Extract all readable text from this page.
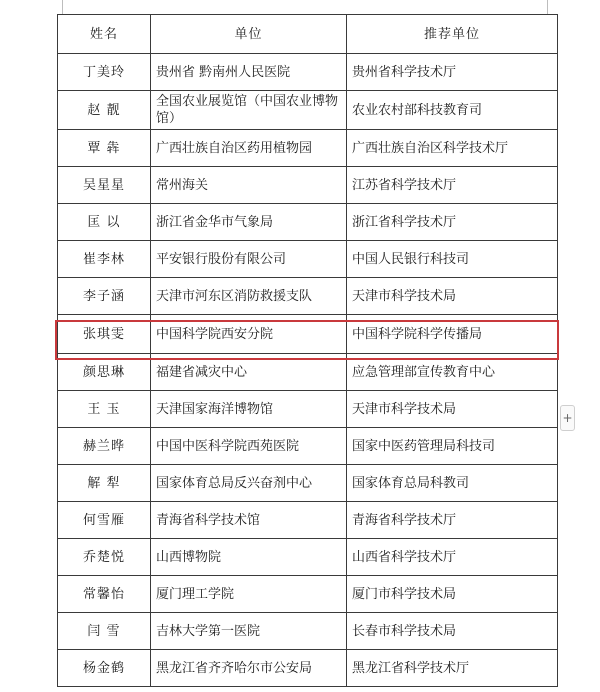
姓名	单位	推荐单位
丁美玲	贵州省 黔南州人民医院	贵州省科学技术厅
赵 靓	全国农业展览馆（中国农业博物馆）	农业农村部科技教育司
覃 犇	广西壮族自治区药用植物园	广西壮族自治区科学技术厅
吴星星	常州海关	江苏省科学技术厅
匡 以	浙江省金华市气象局	浙江省科学技术厅
崔李林	平安银行股份有限公司	中国人民银行科技司
李子涵	天津市河东区消防救援支队	天津市科学技术局
张琪雯	中国科学院西安分院	中国科学院科学传播局
颜思琳	福建省减灾中心	应急管理部宣传教育中心
王 玉	天津国家海洋博物馆	天津市科学技术局
赫兰晔	中国中医科学院西苑医院	国家中医药管理局科技司
解 犁	国家体育总局反兴奋剂中心	国家体育总局科教司
何雪雁	青海省科学技术馆	青海省科学技术厅
乔楚悦	山西博物院	山西省科学技术厅
常馨怡	厦门理工学院	厦门市科学技术局
闫 雪	吉林大学第一医院	长春市科学技术局
杨金鹤	黑龙江省齐齐哈尔市公安局	黑龙江省科学技术厅
+
